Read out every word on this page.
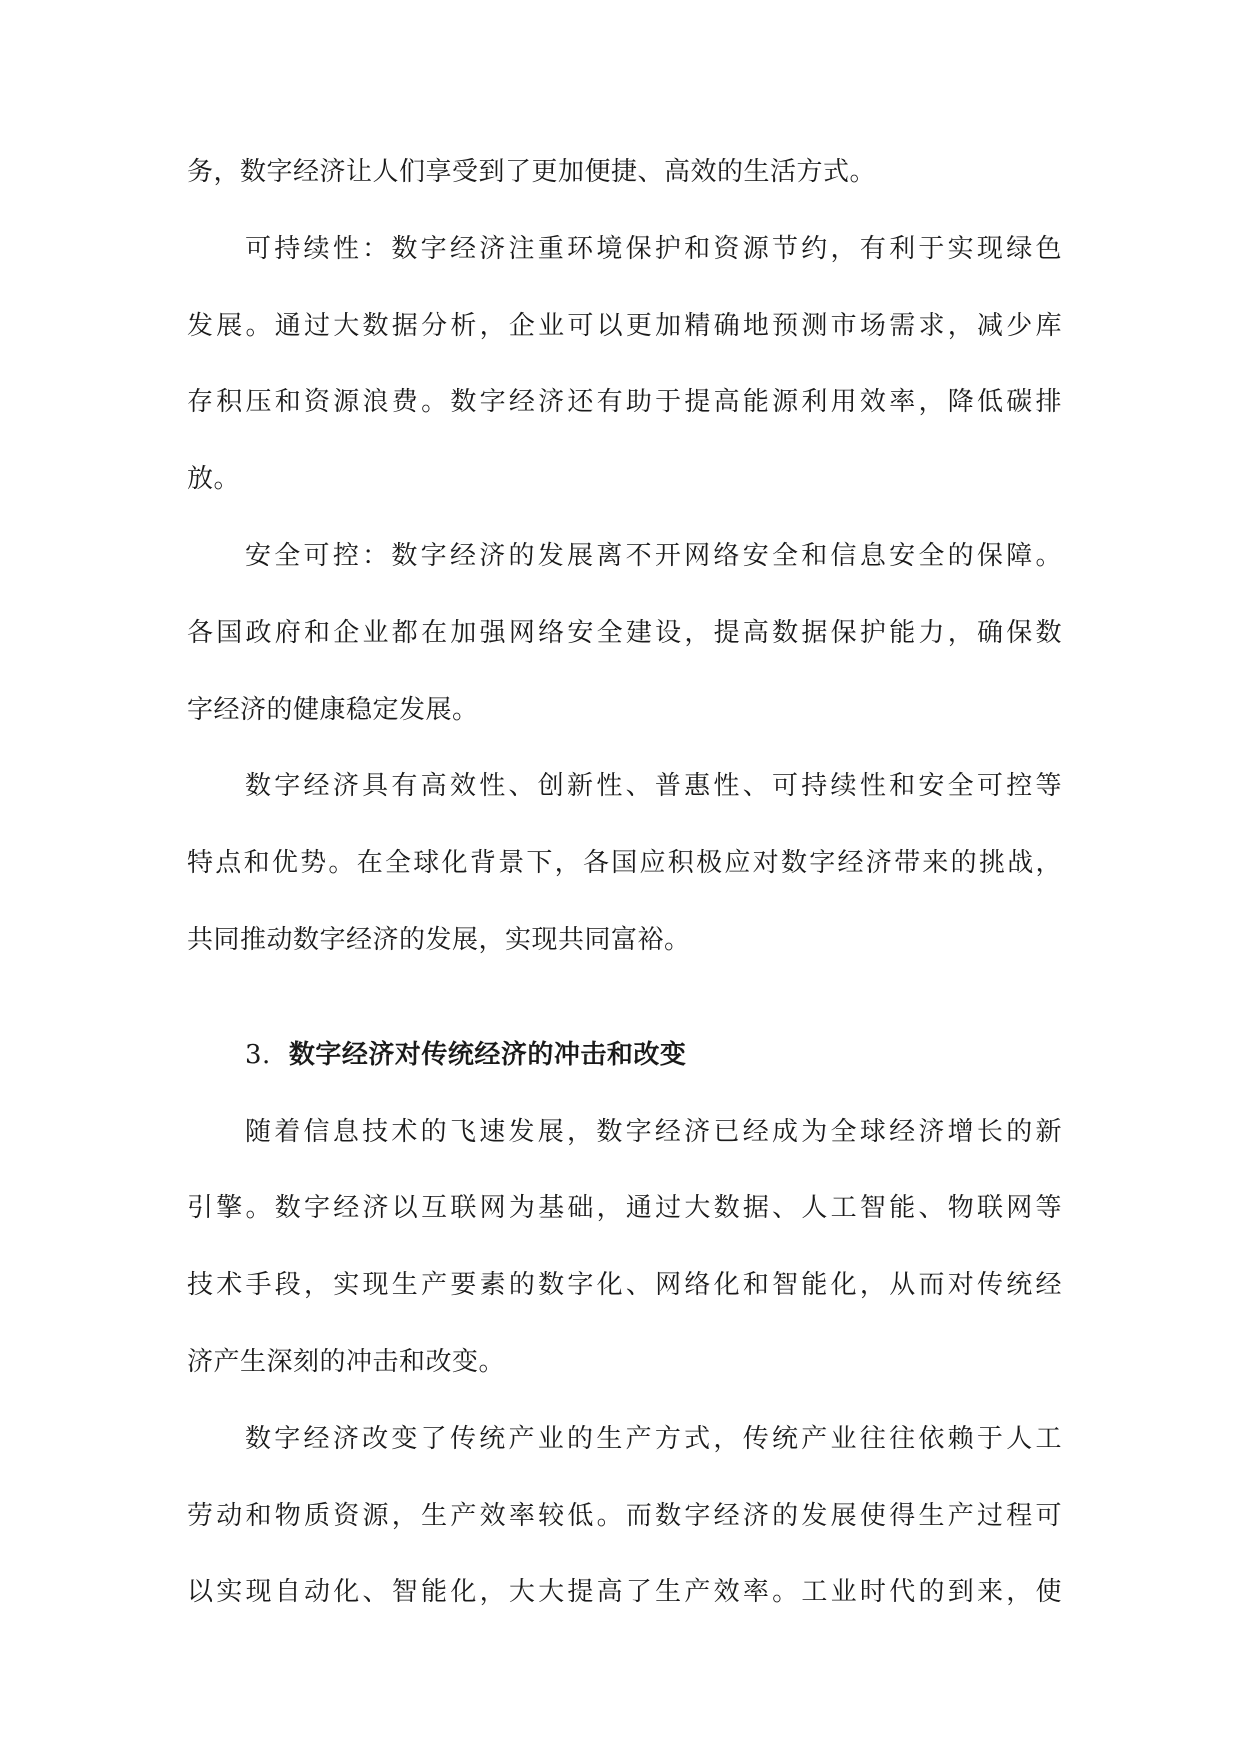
务，数字经济让人们享受到了更加便捷、高效的生活方式。
可持续性：数字经济注重环境保护和资源节约，有利于实现绿色
发展。通过大数据分析，企业可以更加精确地预测市场需求，减少库
存积压和资源浪费。数字经济还有助于提高能源利用效率，降低碳排
放。
安全可控：数字经济的发展离不开网络安全和信息安全的保障。
各国政府和企业都在加强网络安全建设，提高数据保护能力，确保数
字经济的健康稳定发展。
数字经济具有高效性、创新性、普惠性、可持续性和安全可控等
特点和优势。在全球化背景下，各国应积极应对数字经济带来的挑战，
共同推动数字经济的发展，实现共同富裕。
3. 数字经济对传统经济的冲击和改变
随着信息技术的飞速发展，数字经济已经成为全球经济增长的新
引擎。数字经济以互联网为基础，通过大数据、人工智能、物联网等
技术手段，实现生产要素的数字化、网络化和智能化，从而对传统经
济产生深刻的冲击和改变。
数字经济改变了传统产业的生产方式，传统产业往往依赖于人工
劳动和物质资源，生产效率较低。而数字经济的发展使得生产过程可
以实现自动化、智能化，大大提高了生产效率。工业时代的到来，使
